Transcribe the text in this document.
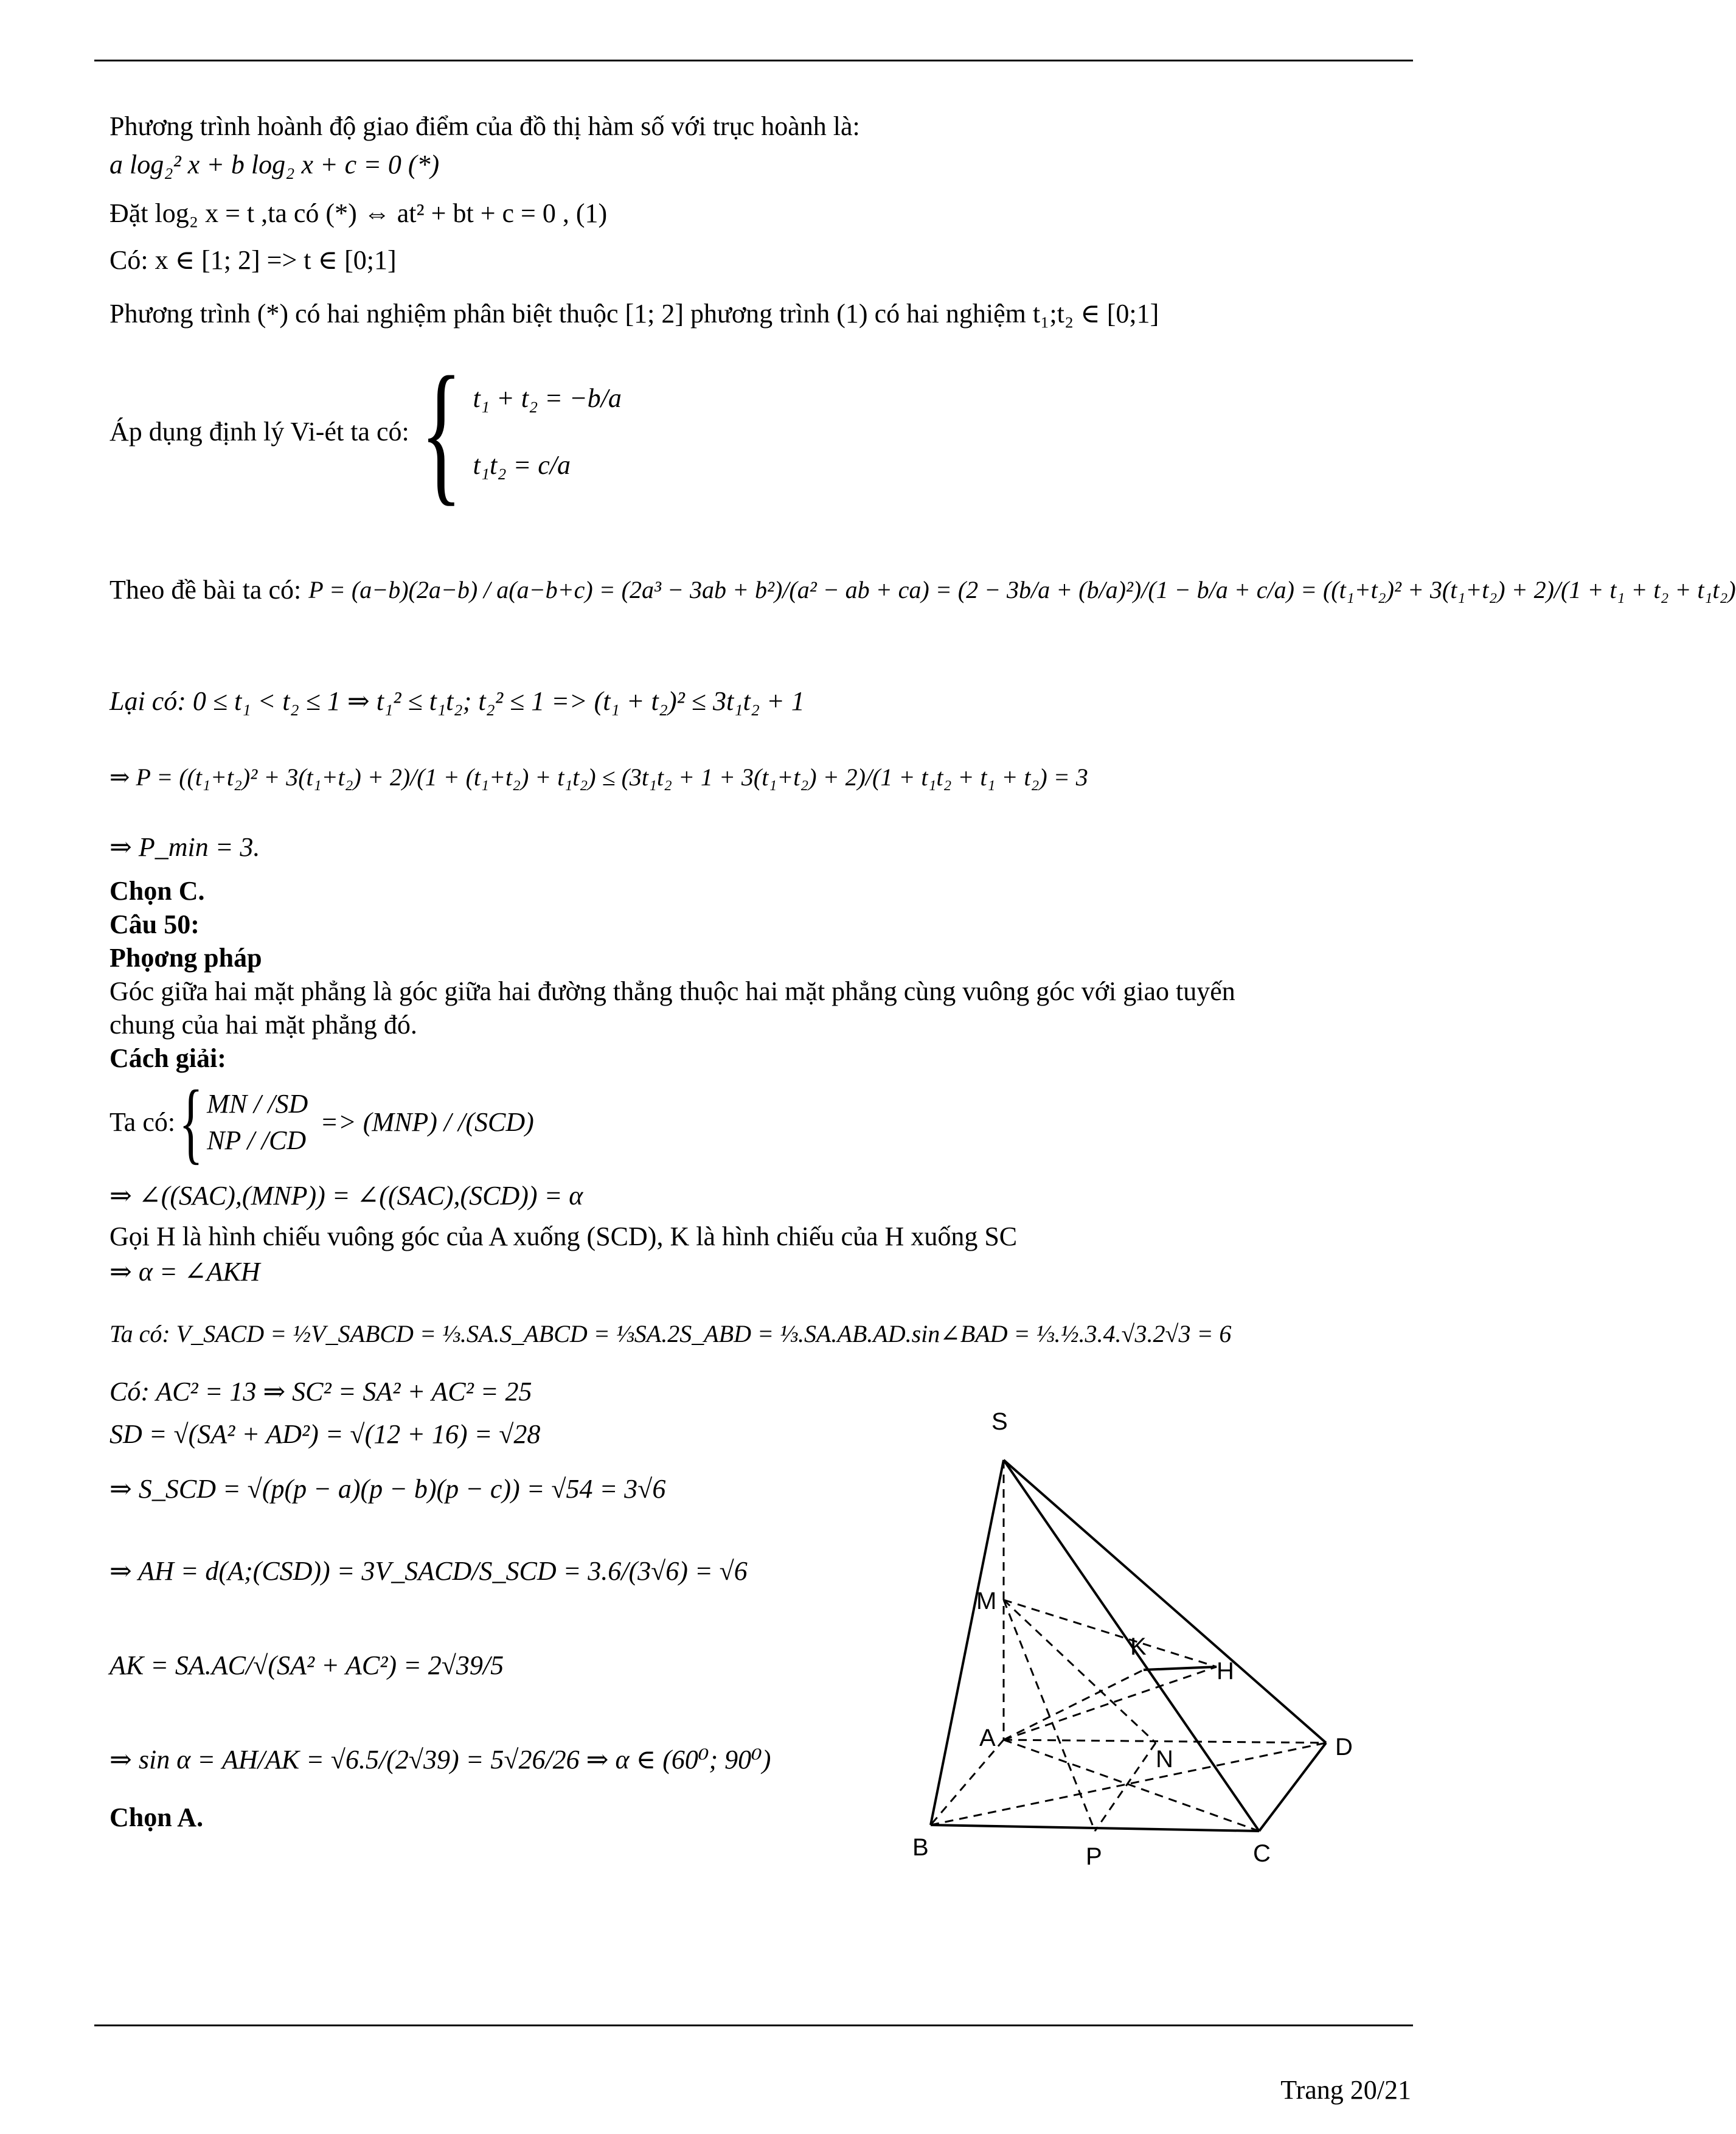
Phương trình hoành độ giao điểm của đồ thị hàm số với trục hoành là:
a log₂² x + b log₂ x + c = 0 (*)
Đặt log₂ x = t ,ta có (*) ⇔ at² + bt + c = 0 , (1)
Có: x ∈ [1; 2] => t ∈ [0;1]
Phương trình (*) có hai nghiệm phân biệt thuộc [1; 2] phương trình (1) có hai nghiệm t₁;t₂ ∈ [0;1]
Áp dụng định lý Vi-ét ta có: { t₁ + t₂ = −b/a
t₁t₂ = c/a
Theo đề bài ta có: P = (a−b)(2a−b) / a(a−b+c) = (2a³ − 3ab + b²)/(a² − ab + ca) = (2 − 3b/a + (b/a)²)/(1 − b/a + c/a) = ((t₁+t₂)² + 3(t₁+t₂) + 2)/(1 + t₁ + t₂ + t₁t₂)
Lại có: 0 ≤ t₁ < t₂ ≤ 1 ⇒ t₁² ≤ t₁t₂; t₂² ≤ 1 => (t₁ + t₂)² ≤ 3t₁t₂ + 1
⇒ P = ((t₁+t₂)² + 3(t₁+t₂) + 2)/(1 + (t₁+t₂) + t₁t₂) ≤ (3t₁t₂ + 1 + 3(t₁+t₂) + 2)/(1 + t₁t₂ + t₁ + t₂) = 3
⇒ P_min = 3.
Chọn C.
Câu 50:
Phọơng pháp
Góc giữa hai mặt phẳng là góc giữa hai đường thẳng thuộc hai mặt phẳng cùng vuông góc với giao tuyến
chung của hai mặt phẳng đó.
Cách giải:
Ta có: { MN / /SD
NP / /CD
=> (MNP) / /(SCD)
⇒ ∠((SAC),(MNP)) = ∠((SAC),(SCD)) = α
Gọi H là hình chiếu vuông góc của A xuống (SCD), K là hình chiếu của H xuống SC
⇒ α = ∠AKH
Ta có: V_SACD = ½V_SABCD = ⅓.SA.S_ABCD = ⅓SA.2S_ABD = ⅓.SA.AB.AD.sin∠BAD = ⅓.½.3.4.√3.2√3 = 6
Có: AC² = 13 ⇒ SC² = SA² + AC² = 25
SD = √(SA² + AD²) = √(12 + 16) = √28
⇒ S_SCD = √(p(p − a)(p − b)(p − c)) = √54 = 3√6
⇒ AH = d(A;(CSD)) = 3V_SACD/S_SCD = 3.6/(3√6) = √6
AK = SA.AC/√(SA² + AC²) = 2√39/5
⇒ sin α = AH/AK = √6.5/(2√39) = 5√26/26 ⇒ α ∈ (60⁰; 90⁰)
Chọn A.
S
M
K
H
A
N	D
B	P	C
Trang 20/21
